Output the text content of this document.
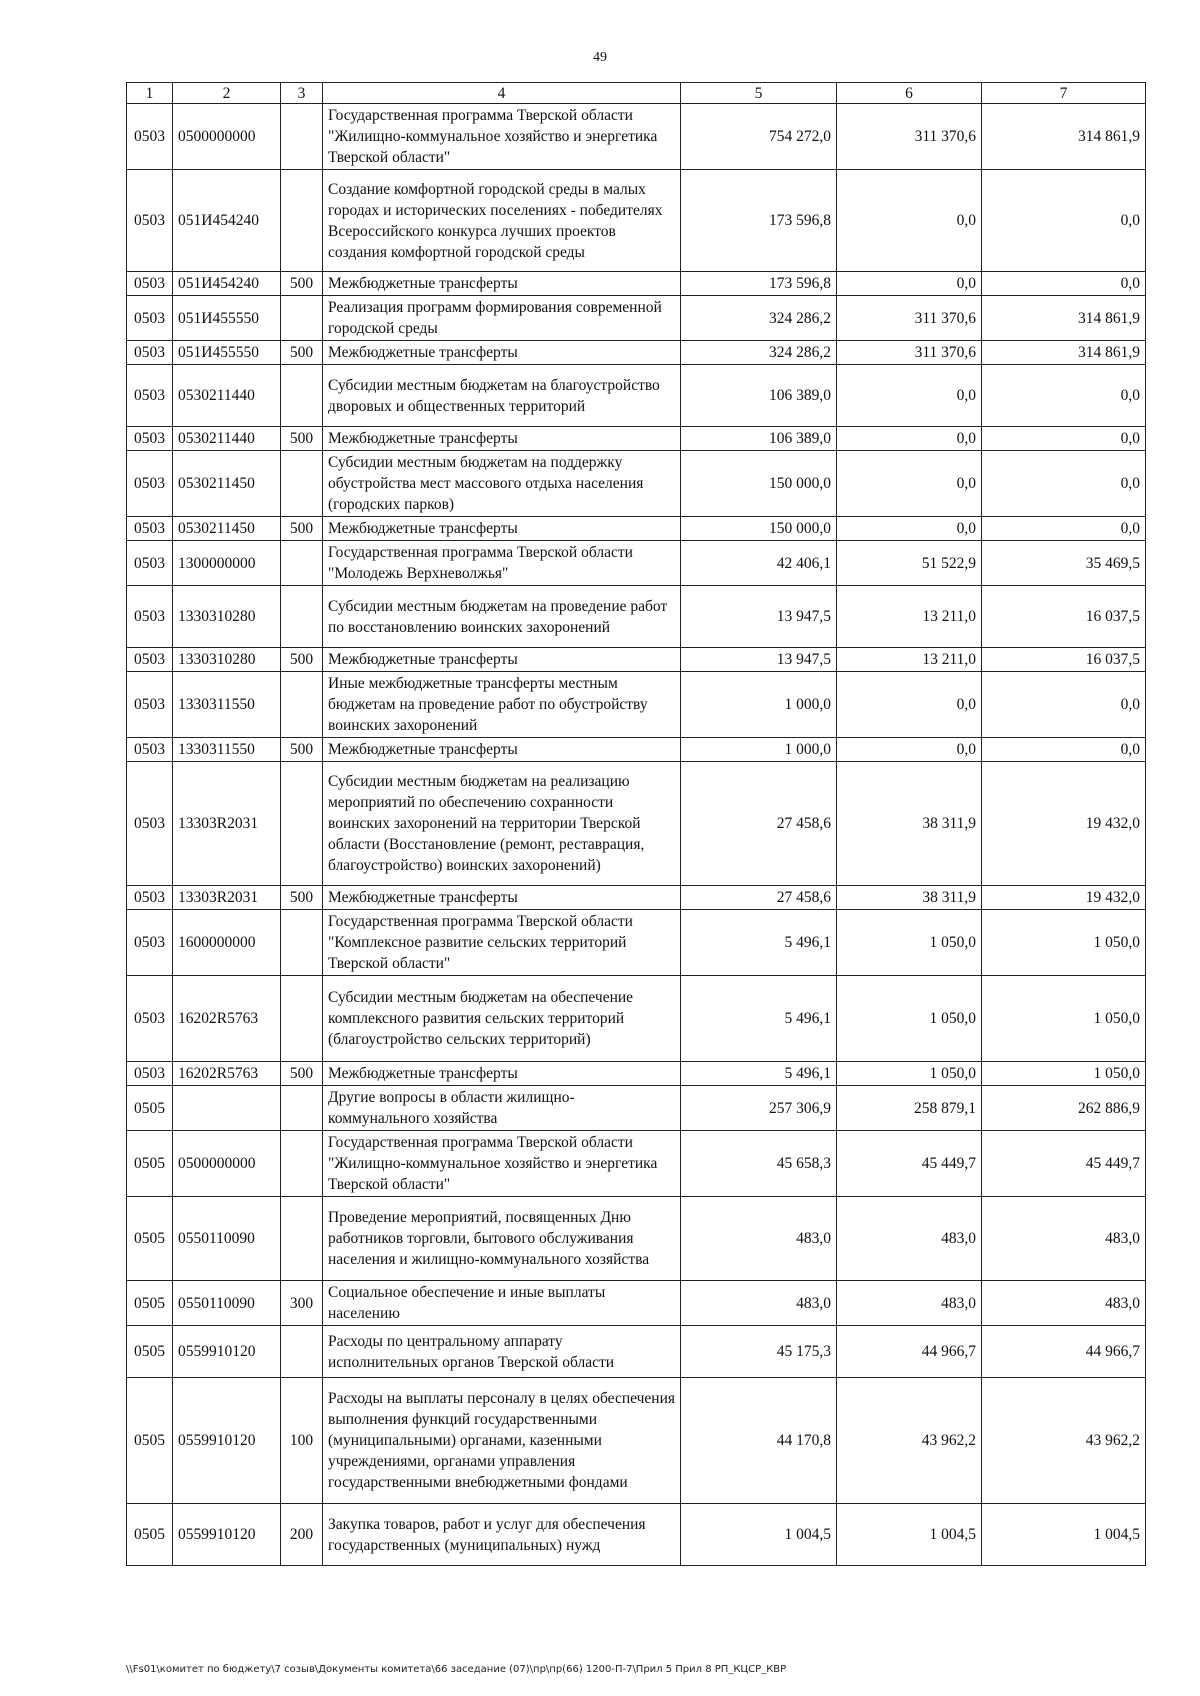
49
1	2	3	4	5	6	7
0503	0500000000		Государственная программа Тверской области "Жилищно-коммунальное хозяйство и энергетика Тверской области"	754 272,0	311 370,6	314 861,9
0503	051И454240		Создание комфортной городской среды в малых городах и исторических поселениях - победителях Всероссийского конкурса лучших проектов создания комфортной городской среды	173 596,8	0,0	0,0
0503	051И454240	500	Межбюджетные трансферты	173 596,8	0,0	0,0
0503	051И455550		Реализация программ формирования современной городской среды	324 286,2	311 370,6	314 861,9
0503	051И455550	500	Межбюджетные трансферты	324 286,2	311 370,6	314 861,9
0503	0530211440		Субсидии местным бюджетам на благоустройство дворовых и общественных территорий	106 389,0	0,0	0,0
0503	0530211440	500	Межбюджетные трансферты	106 389,0	0,0	0,0
0503	0530211450		Субсидии местным бюджетам на поддержку обустройства мест массового отдыха населения (городских парков)	150 000,0	0,0	0,0
0503	0530211450	500	Межбюджетные трансферты	150 000,0	0,0	0,0
0503	1300000000		Государственная программа Тверской области "Молодежь Верхневолжья"	42 406,1	51 522,9	35 469,5
0503	1330310280		Субсидии местным бюджетам на проведение работ по восстановлению воинских захоронений	13 947,5	13 211,0	16 037,5
0503	1330310280	500	Межбюджетные трансферты	13 947,5	13 211,0	16 037,5
0503	1330311550		Иные межбюджетные трансферты местным бюджетам на проведение работ по обустройству воинских захоронений	1 000,0	0,0	0,0
0503	1330311550	500	Межбюджетные трансферты	1 000,0	0,0	0,0
0503	13303R2031		Субсидии местным бюджетам на реализацию мероприятий по обеспечению сохранности воинских захоронений на территории Тверской области (Восстановление (ремонт, реставрация, благоустройство) воинских захоронений)	27 458,6	38 311,9	19 432,0
0503	13303R2031	500	Межбюджетные трансферты	27 458,6	38 311,9	19 432,0
0503	1600000000		Государственная программа Тверской области "Комплексное развитие сельских территорий Тверской области"	5 496,1	1 050,0	1 050,0
0503	16202R5763		Субсидии местным бюджетам на обеспечение комплексного развития сельских территорий (благоустройство сельских территорий)	5 496,1	1 050,0	1 050,0
0503	16202R5763	500	Межбюджетные трансферты	5 496,1	1 050,0	1 050,0
0505			Другие вопросы в области жилищно-коммунального хозяйства	257 306,9	258 879,1	262 886,9
0505	0500000000		Государственная программа Тверской области "Жилищно-коммунальное хозяйство и энергетика Тверской области"	45 658,3	45 449,7	45 449,7
0505	0550110090		Проведение мероприятий, посвященных Дню работников торговли, бытового обслуживания населения и жилищно-коммунального хозяйства	483,0	483,0	483,0
0505	0550110090	300	Социальное обеспечение и иные выплаты населению	483,0	483,0	483,0
0505	0559910120		Расходы по центральному аппарату исполнительных органов Тверской области	45 175,3	44 966,7	44 966,7
0505	0559910120	100	Расходы на выплаты персоналу в целях обеспечения выполнения функций государственными (муниципальными) органами, казенными учреждениями, органами управления государственными внебюджетными фондами	44 170,8	43 962,2	43 962,2
0505	0559910120	200	Закупка товаров, работ и услуг для обеспечения государственных (муниципальных) нужд	1 004,5	1 004,5	1 004,5
\\Fs01\комитет по бюджету\7 созыв\Документы комитета\66 заседание (07)\пр\пр(66) 1200-П-7\Прил 5 Прил 8 РП_КЦСР_КВР
